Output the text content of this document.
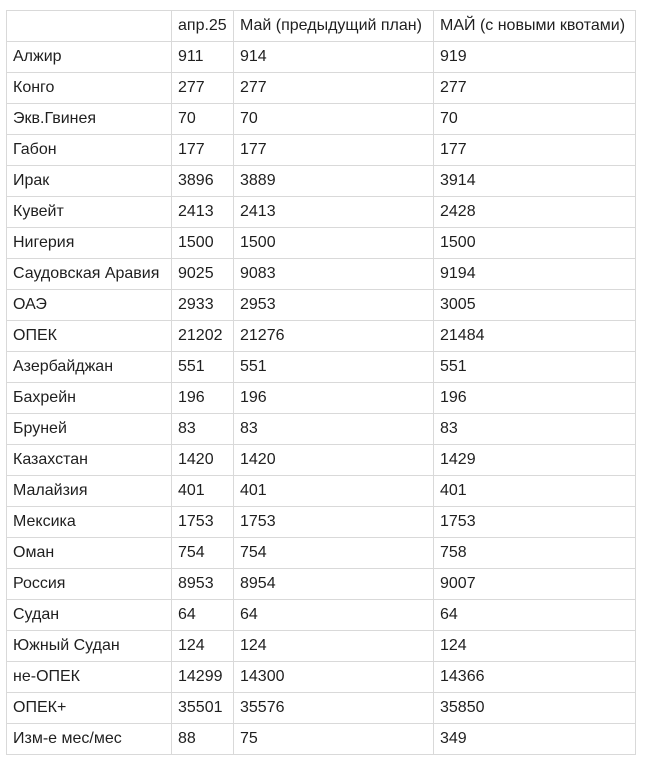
	апр.25	Май (предыдущий план)	МАЙ (с новыми квотами)
Алжир	911	914	919
Конго	277	277	277
Экв.Гвинея	70	70	70
Габон	177	177	177
Ирак	3896	3889	3914
Кувейт	2413	2413	2428
Нигерия	1500	1500	1500
Саудовская Аравия	9025	9083	9194
ОАЭ	2933	2953	3005
ОПЕК	21202	21276	21484
Азербайджан	551	551	551
Бахрейн	196	196	196
Бруней	83	83	83
Казахстан	1420	1420	1429
Малайзия	401	401	401
Мексика	1753	1753	1753
Оман	754	754	758
Россия	8953	8954	9007
Судан	64	64	64
Южный Судан	124	124	124
не-ОПЕК	14299	14300	14366
ОПЕК+	35501	35576	35850
Изм-е мес/мес	88	75	349
